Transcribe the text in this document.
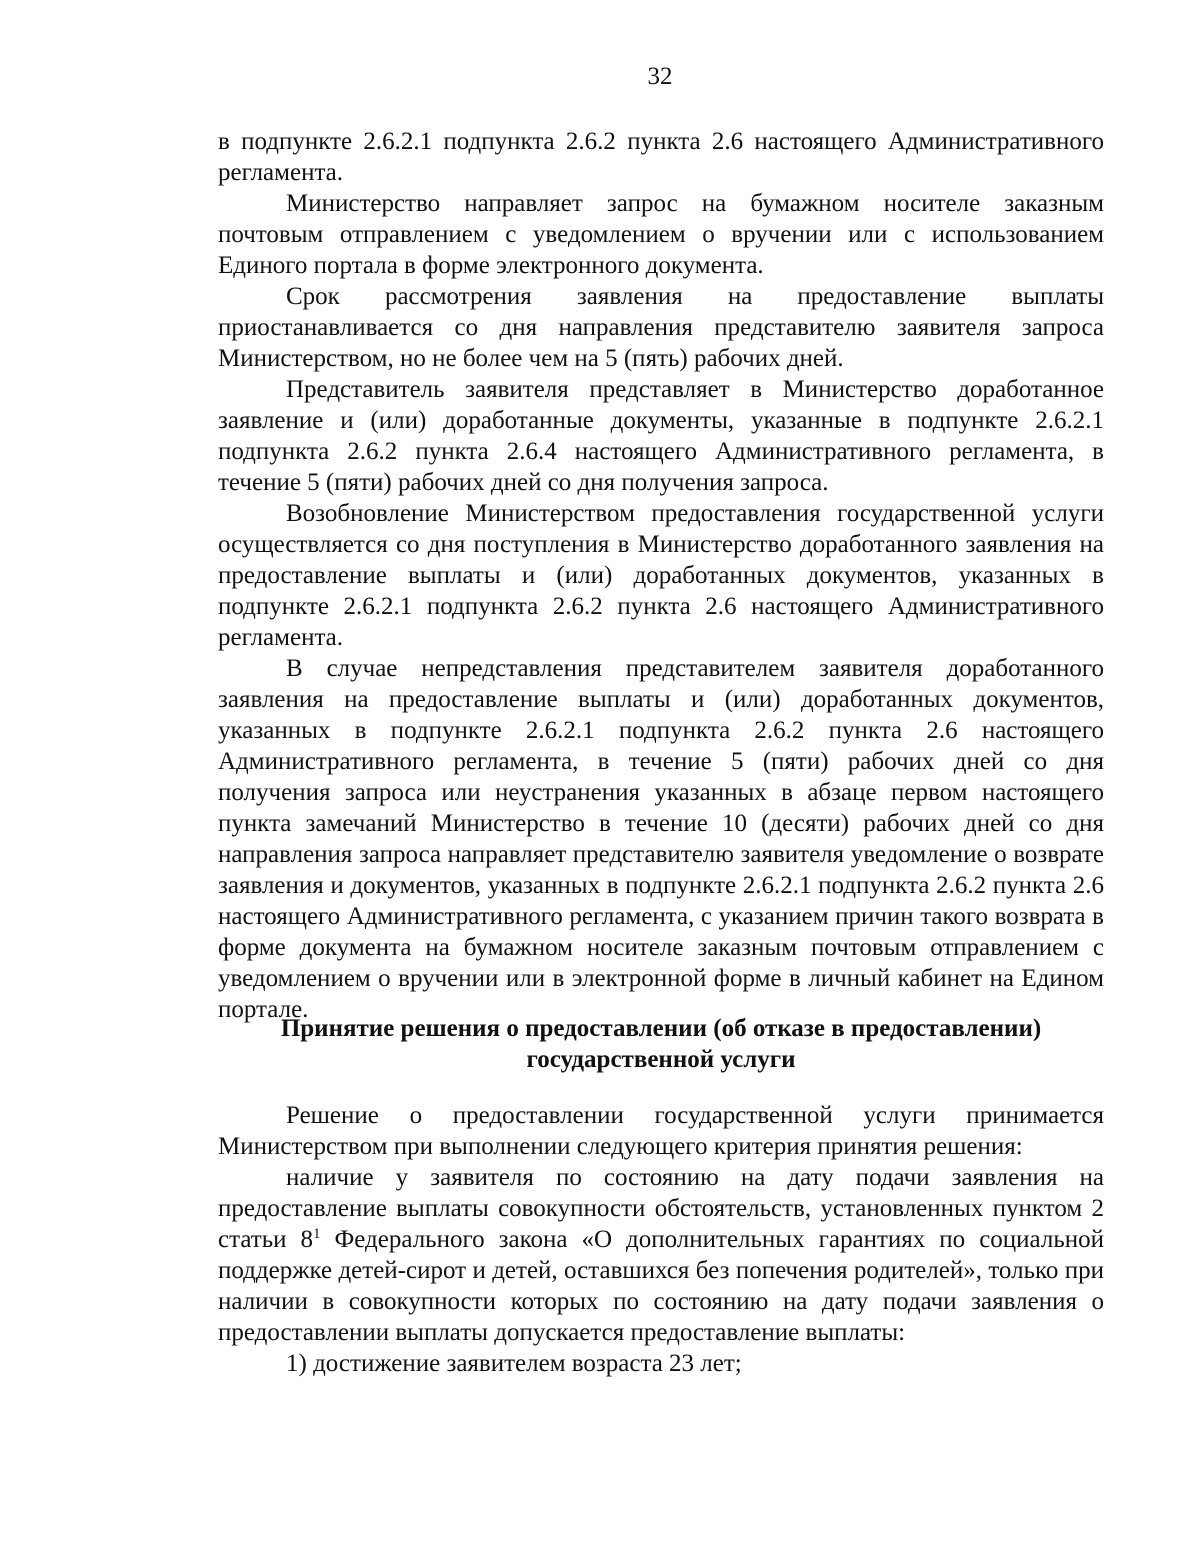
32

в подпункте 2.6.2.1 подпункта 2.6.2 пункта 2.6 настоящего Административного регламента.

Министерство направляет запрос на бумажном носителе заказным почтовым отправлением с уведомлением о вручении или с использованием Единого портала в форме электронного документа.

Срок рассмотрения заявления на предоставление выплаты приостанавливается со дня направления представителю заявителя запроса Министерством, но не более чем на 5 (пять) рабочих дней.

Представитель заявителя представляет в Министерство доработанное заявление и (или) доработанные документы, указанные в подпункте 2.6.2.1 подпункта 2.6.2 пункта 2.6.4 настоящего Административного регламента, в течение 5 (пяти) рабочих дней со дня получения запроса.

Возобновление Министерством предоставления государственной услуги осуществляется со дня поступления в Министерство доработанного заявления на предоставление выплаты и (или) доработанных документов, указанных в подпункте 2.6.2.1 подпункта 2.6.2 пункта 2.6 настоящего Административного регламента.

В случае непредставления представителем заявителя доработанного заявления на предоставление выплаты и (или) доработанных документов, указанных в подпункте 2.6.2.1 подпункта 2.6.2 пункта 2.6 настоящего Административного регламента, в течение 5 (пяти) рабочих дней со дня получения запроса или неустранения указанных в абзаце первом настоящего пункта замечаний Министерство в течение 10 (десяти) рабочих дней со дня направления запроса направляет представителю заявителя уведомление о возврате заявления и документов, указанных в подпункте 2.6.2.1 подпункта 2.6.2 пункта 2.6 настоящего Административного регламента, с указанием причин такого возврата в форме документа на бумажном носителе заказным почтовым отправлением с уведомлением о вручении или в электронной форме в личный кабинет на Едином портале.

Принятие решения о предоставлении (об отказе в предоставлении)
государственной услуги

Решение о предоставлении государственной услуги принимается Министерством при выполнении следующего критерия принятия решения:

наличие у заявителя по состоянию на дату подачи заявления на предоставление выплаты совокупности обстоятельств, установленных пунктом 2 статьи $8^1$ Федерального закона «О дополнительных гарантиях по социальной поддержке детей-сирот и детей, оставшихся без попечения родителей», только при наличии в совокупности которых по состоянию на дату подачи заявления о предоставлении выплаты допускается предоставление выплаты:

1) достижение заявителем возраста 23 лет;
